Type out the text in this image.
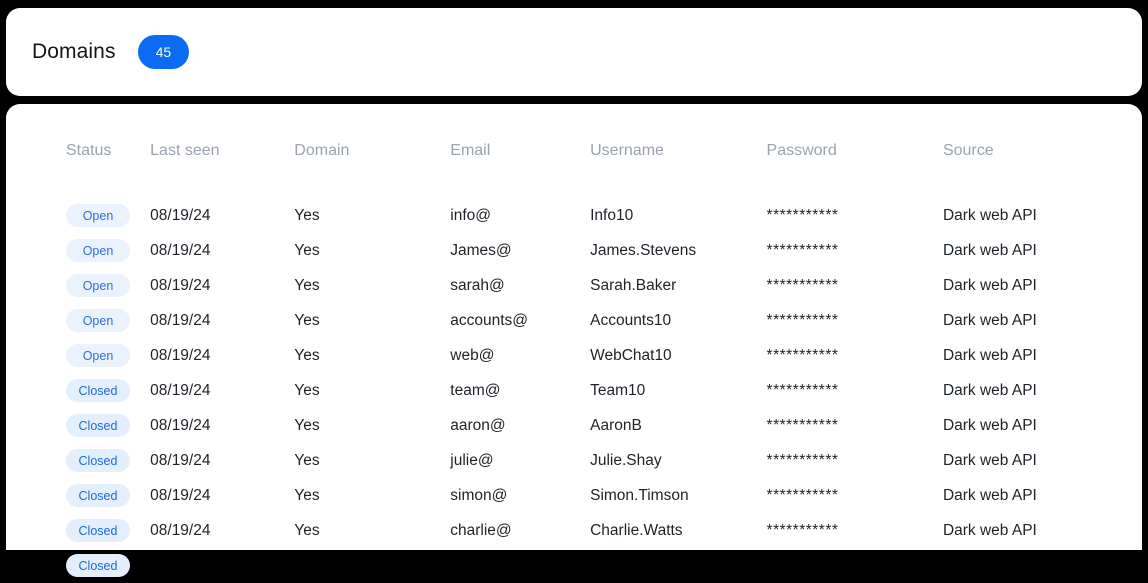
Domains	45
Status	Last seen	Domain	Email	Username	Password	Source
Open	08/19/24	Yes	info@	Info10	***********	Dark web API
Open	08/19/24	Yes	James@	James.Stevens	***********	Dark web API
Open	08/19/24	Yes	sarah@	Sarah.Baker	***********	Dark web API
Open	08/19/24	Yes	accounts@	Accounts10	***********	Dark web API
Open	08/19/24	Yes	web@	WebChat10	***********	Dark web API
Closed	08/19/24	Yes	team@	Team10	***********	Dark web API
Closed	08/19/24	Yes	aaron@	AaronB	***********	Dark web API
Closed	08/19/24	Yes	julie@	Julie.Shay	***********	Dark web API
Closed	08/19/24	Yes	simon@	Simon.Timson	***********	Dark web API
Closed	08/19/24	Yes	charlie@	Charlie.Watts	***********	Dark web API
Closed						
